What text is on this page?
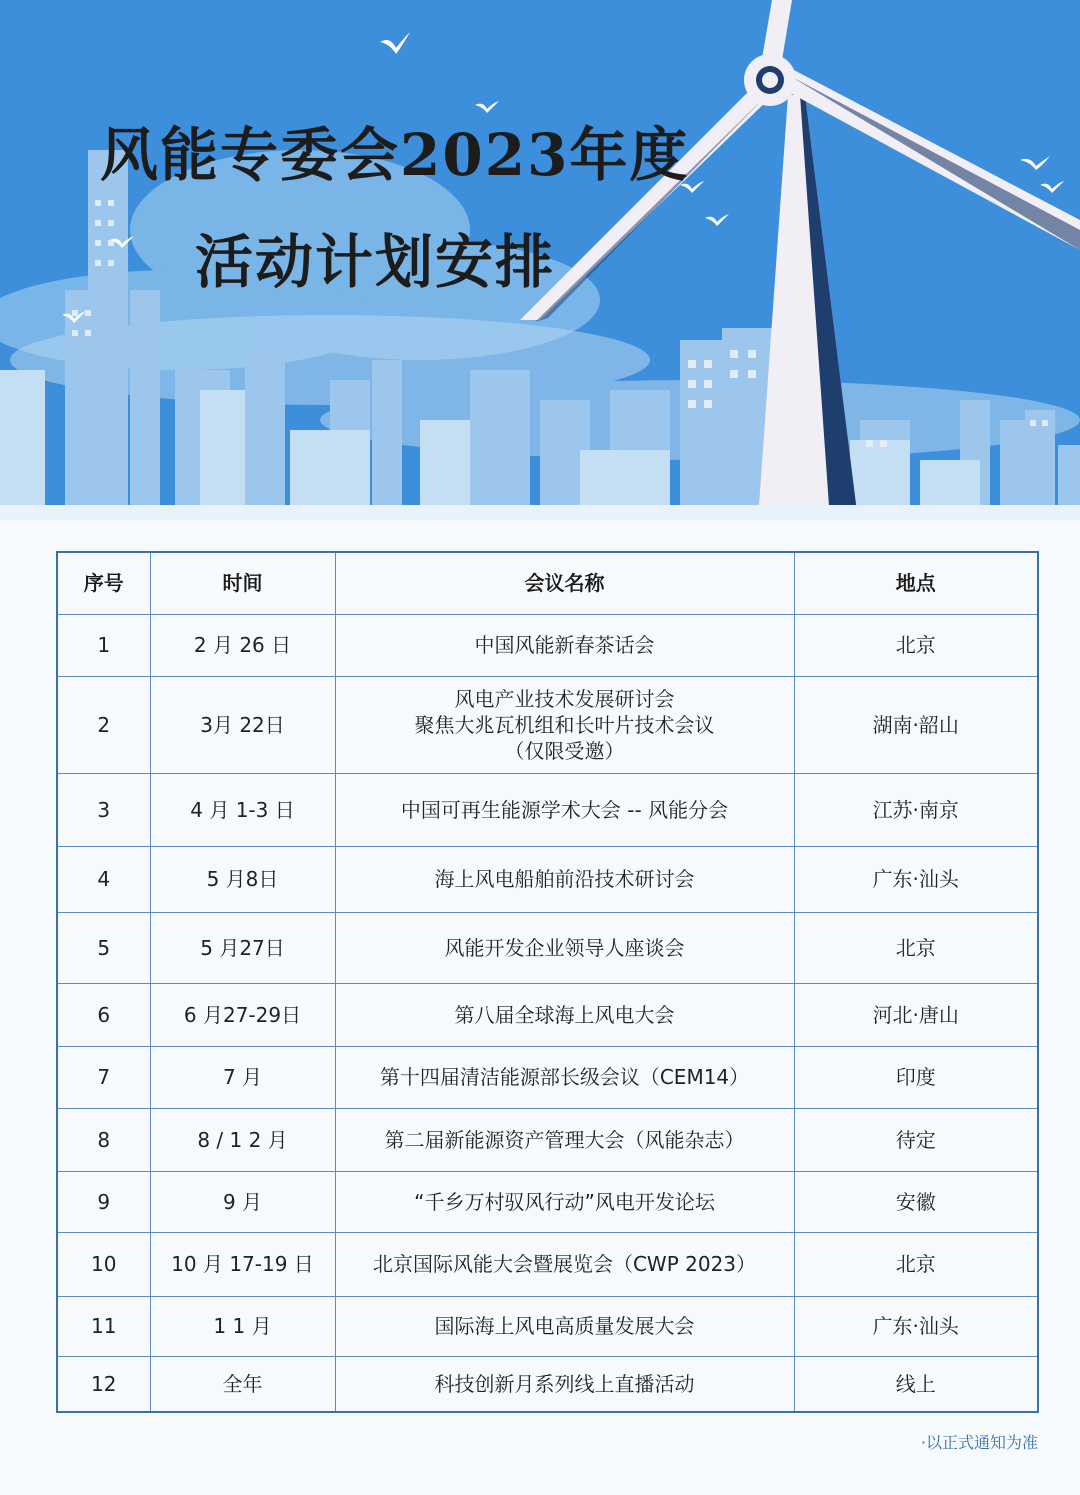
风能专委会2023年度
活动计划安排
序号	时间	会议名称	地点
1	2 月 26 日	中国风能新春茶话会	北京
2	3月 22日	风电产业技术发展研讨会
聚焦大兆瓦机组和长叶片技术会议
（仅限受邀）	湖南·韶山
3	4 月 1-3 日	中国可再生能源学术大会 -- 风能分会	江苏·南京
4	5 月8日	海上风电船舶前沿技术研讨会	广东·汕头
5	5 月27日	风能开发企业领导人座谈会	北京
6	6 月27-29日	第八届全球海上风电大会	河北·唐山
7	7 月	第十四届清洁能源部长级会议（CEM14）	印度
8	8 / 1 2 月	第二届新能源资产管理大会（风能杂志）	待定
9	9 月	“千乡万村驭风行动”风电开发论坛	安徽
10	10 月 17-19 日	北京国际风能大会暨展览会（CWP 2023）	北京
11	1 1 月	国际海上风电高质量发展大会	广东·汕头
12	全年	科技创新月系列线上直播活动	线上

·以正式通知为准
